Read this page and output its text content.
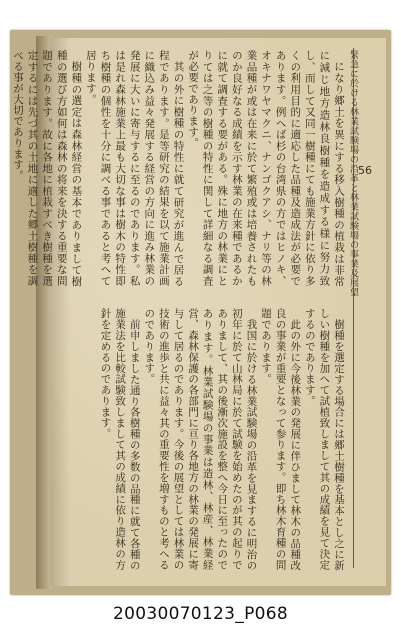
56
緊急に於ける林業試験場の沿革と林業試験場の事業及展望
になり郷土を異にする移入樹種の植栽は非常に減じ地方造林良樹種を造成する様に努力致し、而して又同一樹種にても施業方針に依り多くの利用目的に適応した品種及造成法が必要であります。例へば杉の台湾県の方ではヒノキ、オキナワヤマクニ、ナンゴクアシ、ナリ等の林業品種が或は在来に於て繁殖或は培養されたものか良好なる成績を示す林業の在来種であるかに就て調査する要がある。殊に地方の林業にとりては之等の樹種の特性に関して詳細なる調査が必要であります。
其の外に樹種の特性に就て研究が進んで居る程であります。是等研究の結果を以て施業計画に織込み益々発展する経営の方向に進み林業の発展に大いに寄与するに至るのであります。私は是れ森林施業上最も大切な事は樹木の特性即ち樹種の個性を十分に調べる事であると考へて居ります。
樹種の選定は森林経営の基本でありまして樹種の選び方如何は森林の将来を決する重要な問題であります。故に各地に植栽すべき樹種を選定するには先づ其の土地に適した郷土樹種を調べる事が大切であります。
樹種を選定する場合には郷土樹種を基本とし之に新しい樹種を加へて試植致しまして其の成績を見て決定するのであります。
此の外に今後林業の発展に伴ひまして林木の品種改良の事業が重要となって参ります。即ち林木育種の問題であります。
我国に於ける林業試験場の沿革を見まするに明治の初年に於て山林局に於て試験を始めたのが其の起りでありまして、其の後漸次施設を整へ今日に至ったのであります。林業試験場の事業は造林、林産、林業経営、森林保護の各部門に亘り各地方の林業の発展に寄与して居るのであります。今後の展望としては林業の技術の進歩と共に益々其の重要性を増すものと考へるのであります。
前申しました通り各樹種の多数の品種に就て各種の施業法を比較試験致しまして其の成績に依り造林の方針を定めるのであります。
20030070123_P068
